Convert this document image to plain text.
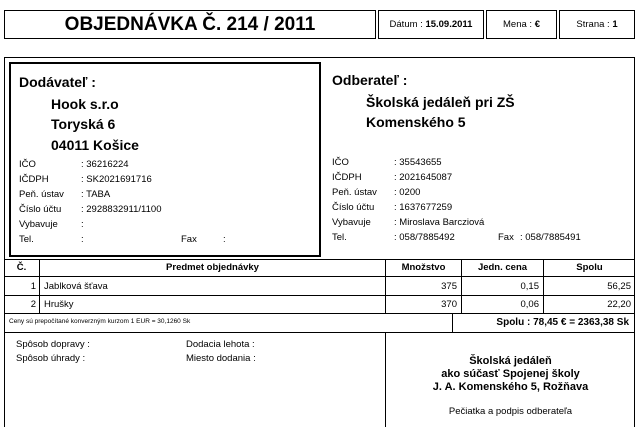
OBJEDNÁVKA Č. 214 / 2011	Dátum :
15.09.2011	Mena :
€	Strana :
1
Dodávateľ :
Hook s.r.o
Toryská 6
04011 Košice
IČO	: 36216224
IČDPH	: SK2021691716
Peň. ústav : TABA
Číslo účtu : 2928832911/1100
Vybavuje :
Tel.	:	Fax	:
Odberateľ :
Školská jedáleň pri ZŠ
Komenského 5
IČO	: 35543655
IČDPH	: 2021645087
Peň. ústav : 0200
Číslo účtu : 1637677259
Vybavuje : Miroslava Barcziová
Tel.	: 058/7885492	Fax : 058/7885491
Č.	Predmet objednávky	Množstvo	Jedn. cena	Spolu
1 Jablková šťava	375	0,15	56,25
2 Hrušky	370	0,06	22,20
Ceny sú prepočítané konverzným kurzom 1 EUR = 30,1260 Sk	Spolu : 78,45 € = 2363,38 Sk
Spôsob dopravy :
Spôsob úhrady :
Dodacia lehota :
Miesto dodania :	Školská jedáleň
ako súčasť Spojenej školy
J. A. Komenského 5, Rožňava
Pečiatka a podpis odberateľa
